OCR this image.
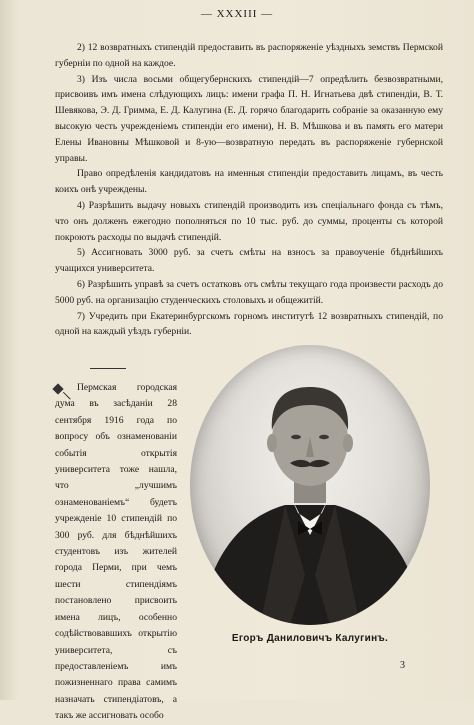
— XXXIII —

2) 12 возвратныхъ стипендій предоставить въ распоряженіе уѣздныхъ земствъ Пермской губерніи по одной на каждое.

3) Изъ числа восьми общегубернскихъ стипендій—7 опредѣлить безвозвратными, присвоивъ имъ имена слѣдующихъ лицъ: имени графа П. Н. Игнатьева двѣ стипендіи, В. Т. Шевякова, Э. Д. Гримма, Е. Д. Калугина (Е. Д. горячо благодарить собраніе за оказанную ему высокую честь учрежденіемъ стипендіи его имени), Н. В. Мѣшкова и въ память его матери Елены Ивановны Мѣшковой и 8-ую—возвратную передать въ распоряженіе губернской управы.

Право опредѣленія кандидатовъ на именныя стипендіи предоставить лицамъ, въ честь коихъ онѣ учреждены.

4) Разрѣшить выдачу новыхъ стипендій производить изъ спеціальнаго фонда съ тѣмъ, что онъ долженъ ежегодно пополняться по 10 тыс. руб. до суммы, проценты съ которой покроютъ расходы по выдачѣ стипендій.

5) Ассигновать 3000 руб. за счетъ смѣты на взносъ за правоученіе бѣднѣйшихъ учащихся университета.

6) Разрѣшить управѣ за счетъ остатковъ отъ смѣты текущаго года произвести расходъ до 5000 руб. на организацію студенческихъ столовыхъ и общежитій.

7) Учредить при Екатеринбургскомъ горномъ институтѣ 12 возвратныхъ стипендій, по одной на каждый уѣздъ губерніи.

Пермская городская дума въ засѣданіи 28 сентября 1916 года по вопросу объ ознаменованіи событія открытія университета тоже нашла, что „лучшимъ ознаменованіемъ“ будетъ учрежденіе 10 стипендій по 300 руб. для бѣднѣйшихъ студентовъ изъ жителей города Перми, при чемъ шести стипендіямъ постановлено присвоить имена лицъ, особенно содѣйствовавшихъ открытію университета, съ предоставленіемъ имъ пожизненнаго права самимъ назначать стипендіатовъ, а такъ же ассигновать особо
Егоръ Даниловичъ Калугинъ.
3
